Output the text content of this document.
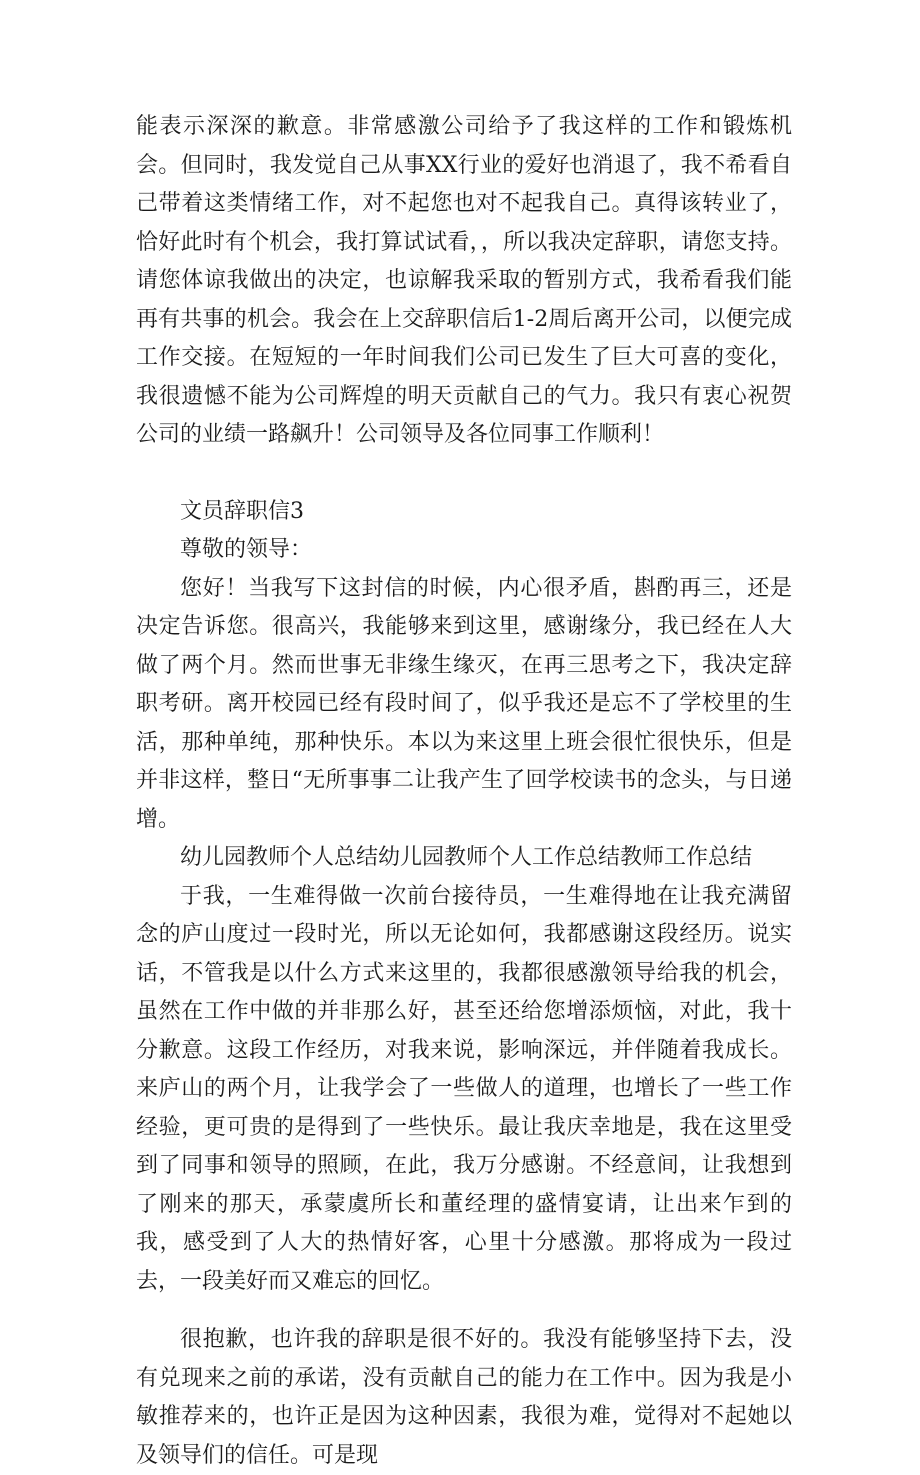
能表示深深的歉意。非常感激公司给予了我这样的工作和锻炼机会。但同时，我发觉自己从事XX行业的爱好也消退了，我不希看自己带着这类情绪工作，对不起您也对不起我自己。真得该转业了，恰好此时有个机会，我打算试试看，，所以我决定辞职，请您支持。请您体谅我做出的决定，也谅解我采取的暂别方式，我希看我们能再有共事的机会。我会在上交辞职信后1-2周后离开公司，以便完成工作交接。在短短的一年时间我们公司已发生了巨大可喜的变化，我很遗憾不能为公司辉煌的明天贡献自己的气力。我只有衷心祝贺公司的业绩一路飙升！公司领导及各位同事工作顺利！

文员辞职信3

尊敬的领导：

您好！当我写下这封信的时候，内心很矛盾，斟酌再三，还是决定告诉您。很高兴，我能够来到这里，感谢缘分，我已经在人大做了两个月。然而世事无非缘生缘灭，在再三思考之下，我决定辞职考研。离开校园已经有段时间了，似乎我还是忘不了学校里的生活，那种单纯，那种快乐。本以为来这里上班会很忙很快乐，但是并非这样，整日“无所事事二让我产生了回学校读书的念头，与日递增。

幼儿园教师个人总结幼儿园教师个人工作总结教师工作总结

于我，一生难得做一次前台接待员，一生难得地在让我充满留念的庐山度过一段时光，所以无论如何，我都感谢这段经历。说实话，不管我是以什么方式来这里的，我都很感激领导给我的机会，虽然在工作中做的并非那么好，甚至还给您增添烦恼，对此，我十分歉意。这段工作经历，对我来说，影响深远，并伴随着我成长。来庐山的两个月，让我学会了一些做人的道理，也增长了一些工作经验，更可贵的是得到了一些快乐。最让我庆幸地是，我在这里受到了同事和领导的照顾，在此，我万分感谢。不经意间，让我想到了刚来的那天，承蒙虞所长和董经理的盛情宴请，让出来乍到的我，感受到了人大的热情好客，心里十分感激。那将成为一段过去，一段美好而又难忘的回忆。

很抱歉，也许我的辞职是很不好的。我没有能够坚持下去，没有兑现来之前的承诺，没有贡献自己的能力在工作中。因为我是小敏推荐来的，也许正是因为这种因素，我很为难，觉得对不起她以及领导们的信任。可是现
